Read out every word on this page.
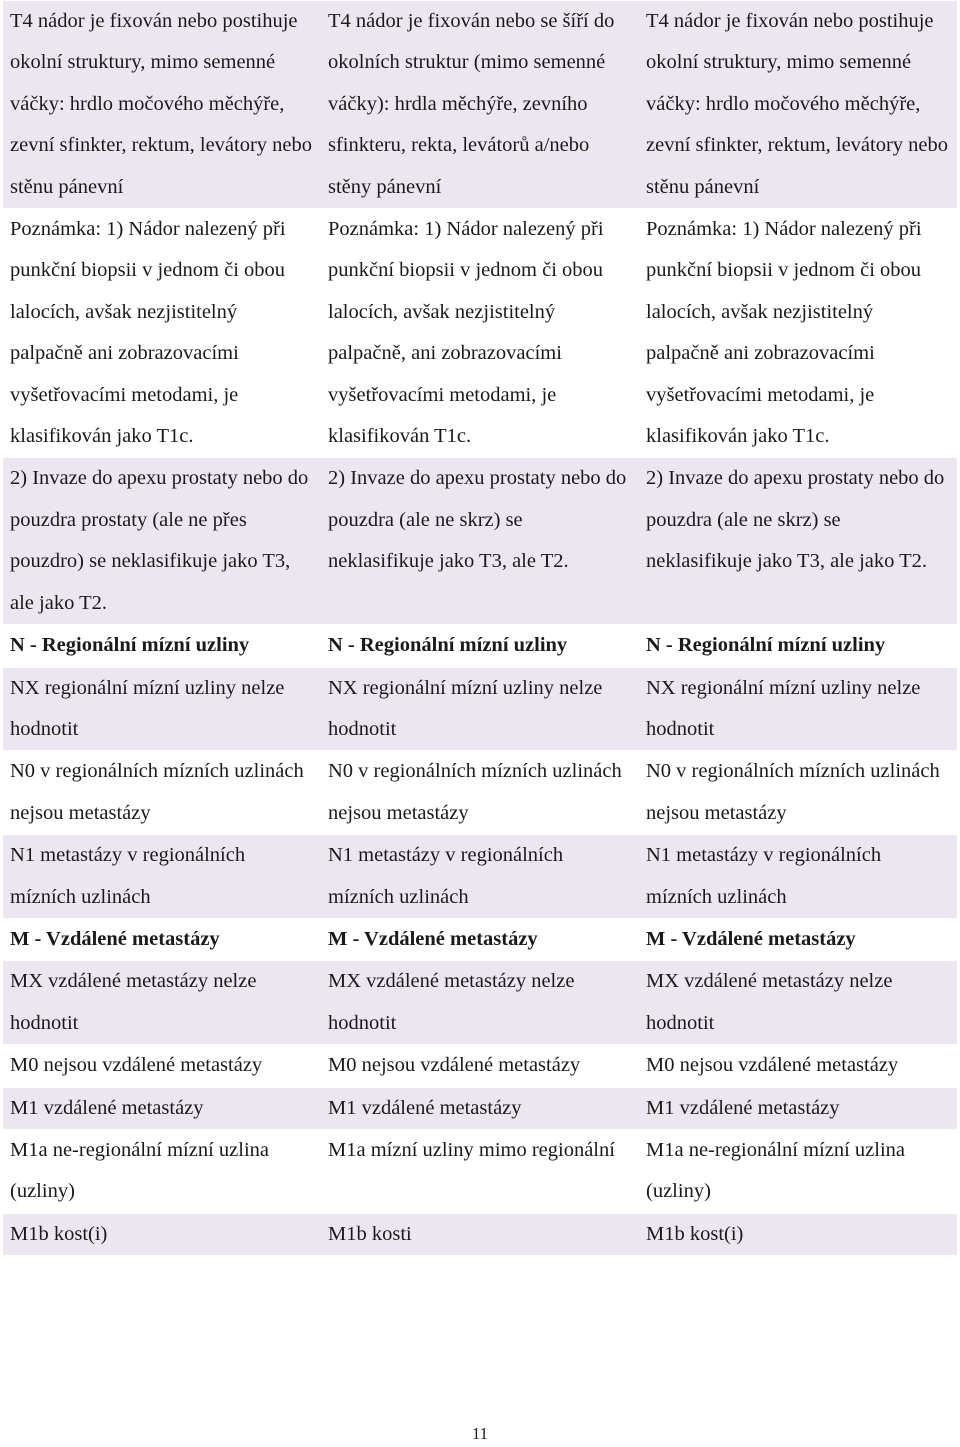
T4 nádor je fixován nebo postihuje okolní struktury, mimo semenné váčky: hrdlo močového měchýře, zevní sfinkter, rektum, levátory nebo stěnu pánevní	T4 nádor je fixován nebo se šíří do okolních struktur (mimo semenné váčky): hrdla měchýře, zevního sfinkteru, rekta, levátorů a/nebo stěny pánevní	T4 nádor je fixován nebo postihuje okolní struktury, mimo semenné váčky: hrdlo močového měchýře, zevní sfinkter, rektum, levátory nebo stěnu pánevní
Poznámka: 1) Nádor nalezený při punkční biopsii v jednom či obou lalocích, avšak nezjistitelný palpačně ani zobrazovacími vyšetřovacími metodami, je klasifikován jako T1c.	Poznámka: 1) Nádor nalezený při punkční biopsii v jednom či obou lalocích, avšak nezjistitelný palpačně, ani zobrazovacími vyšetřovacími metodami, je klasifikován T1c.	Poznámka: 1) Nádor nalezený při punkční biopsii v jednom či obou lalocích, avšak nezjistitelný palpačně ani zobrazovacími vyšetřovacími metodami, je klasifikován jako T1c.
2) Invaze do apexu prostaty nebo do pouzdra prostaty (ale ne přes pouzdro) se neklasifikuje jako T3, ale jako T2.	2) Invaze do apexu prostaty nebo do pouzdra (ale ne skrz) se neklasifikuje jako T3, ale T2.	2) Invaze do apexu prostaty nebo do pouzdra (ale ne skrz) se neklasifikuje jako T3, ale jako T2.
N - Regionální mízní uzliny	N - Regionální mízní uzliny	N - Regionální mízní uzliny
NX regionální mízní uzliny nelze hodnotit	NX regionální mízní uzliny nelze hodnotit	NX regionální mízní uzliny nelze hodnotit
N0 v regionálních mízních uzlinách nejsou metastázy	N0 v regionálních mízních uzlinách nejsou metastázy	N0 v regionálních mízních uzlinách nejsou metastázy
N1 metastázy v regionálních mízních uzlinách	N1 metastázy v regionálních mízních uzlinách	N1 metastázy v regionálních mízních uzlinách
M - Vzdálené metastázy	M - Vzdálené metastázy	M - Vzdálené metastázy
MX vzdálené metastázy nelze hodnotit	MX vzdálené metastázy nelze hodnotit	MX vzdálené metastázy nelze hodnotit
M0 nejsou vzdálené metastázy	M0 nejsou vzdálené metastázy	M0 nejsou vzdálené metastázy
M1 vzdálené metastázy	M1 vzdálené metastázy	M1 vzdálené metastázy
M1a ne-regionální mízní uzlina (uzliny)	M1a mízní uzliny mimo regionální	M1a ne-regionální mízní uzlina (uzliny)
M1b kost(i)	M1b kosti	M1b kost(i)
11
